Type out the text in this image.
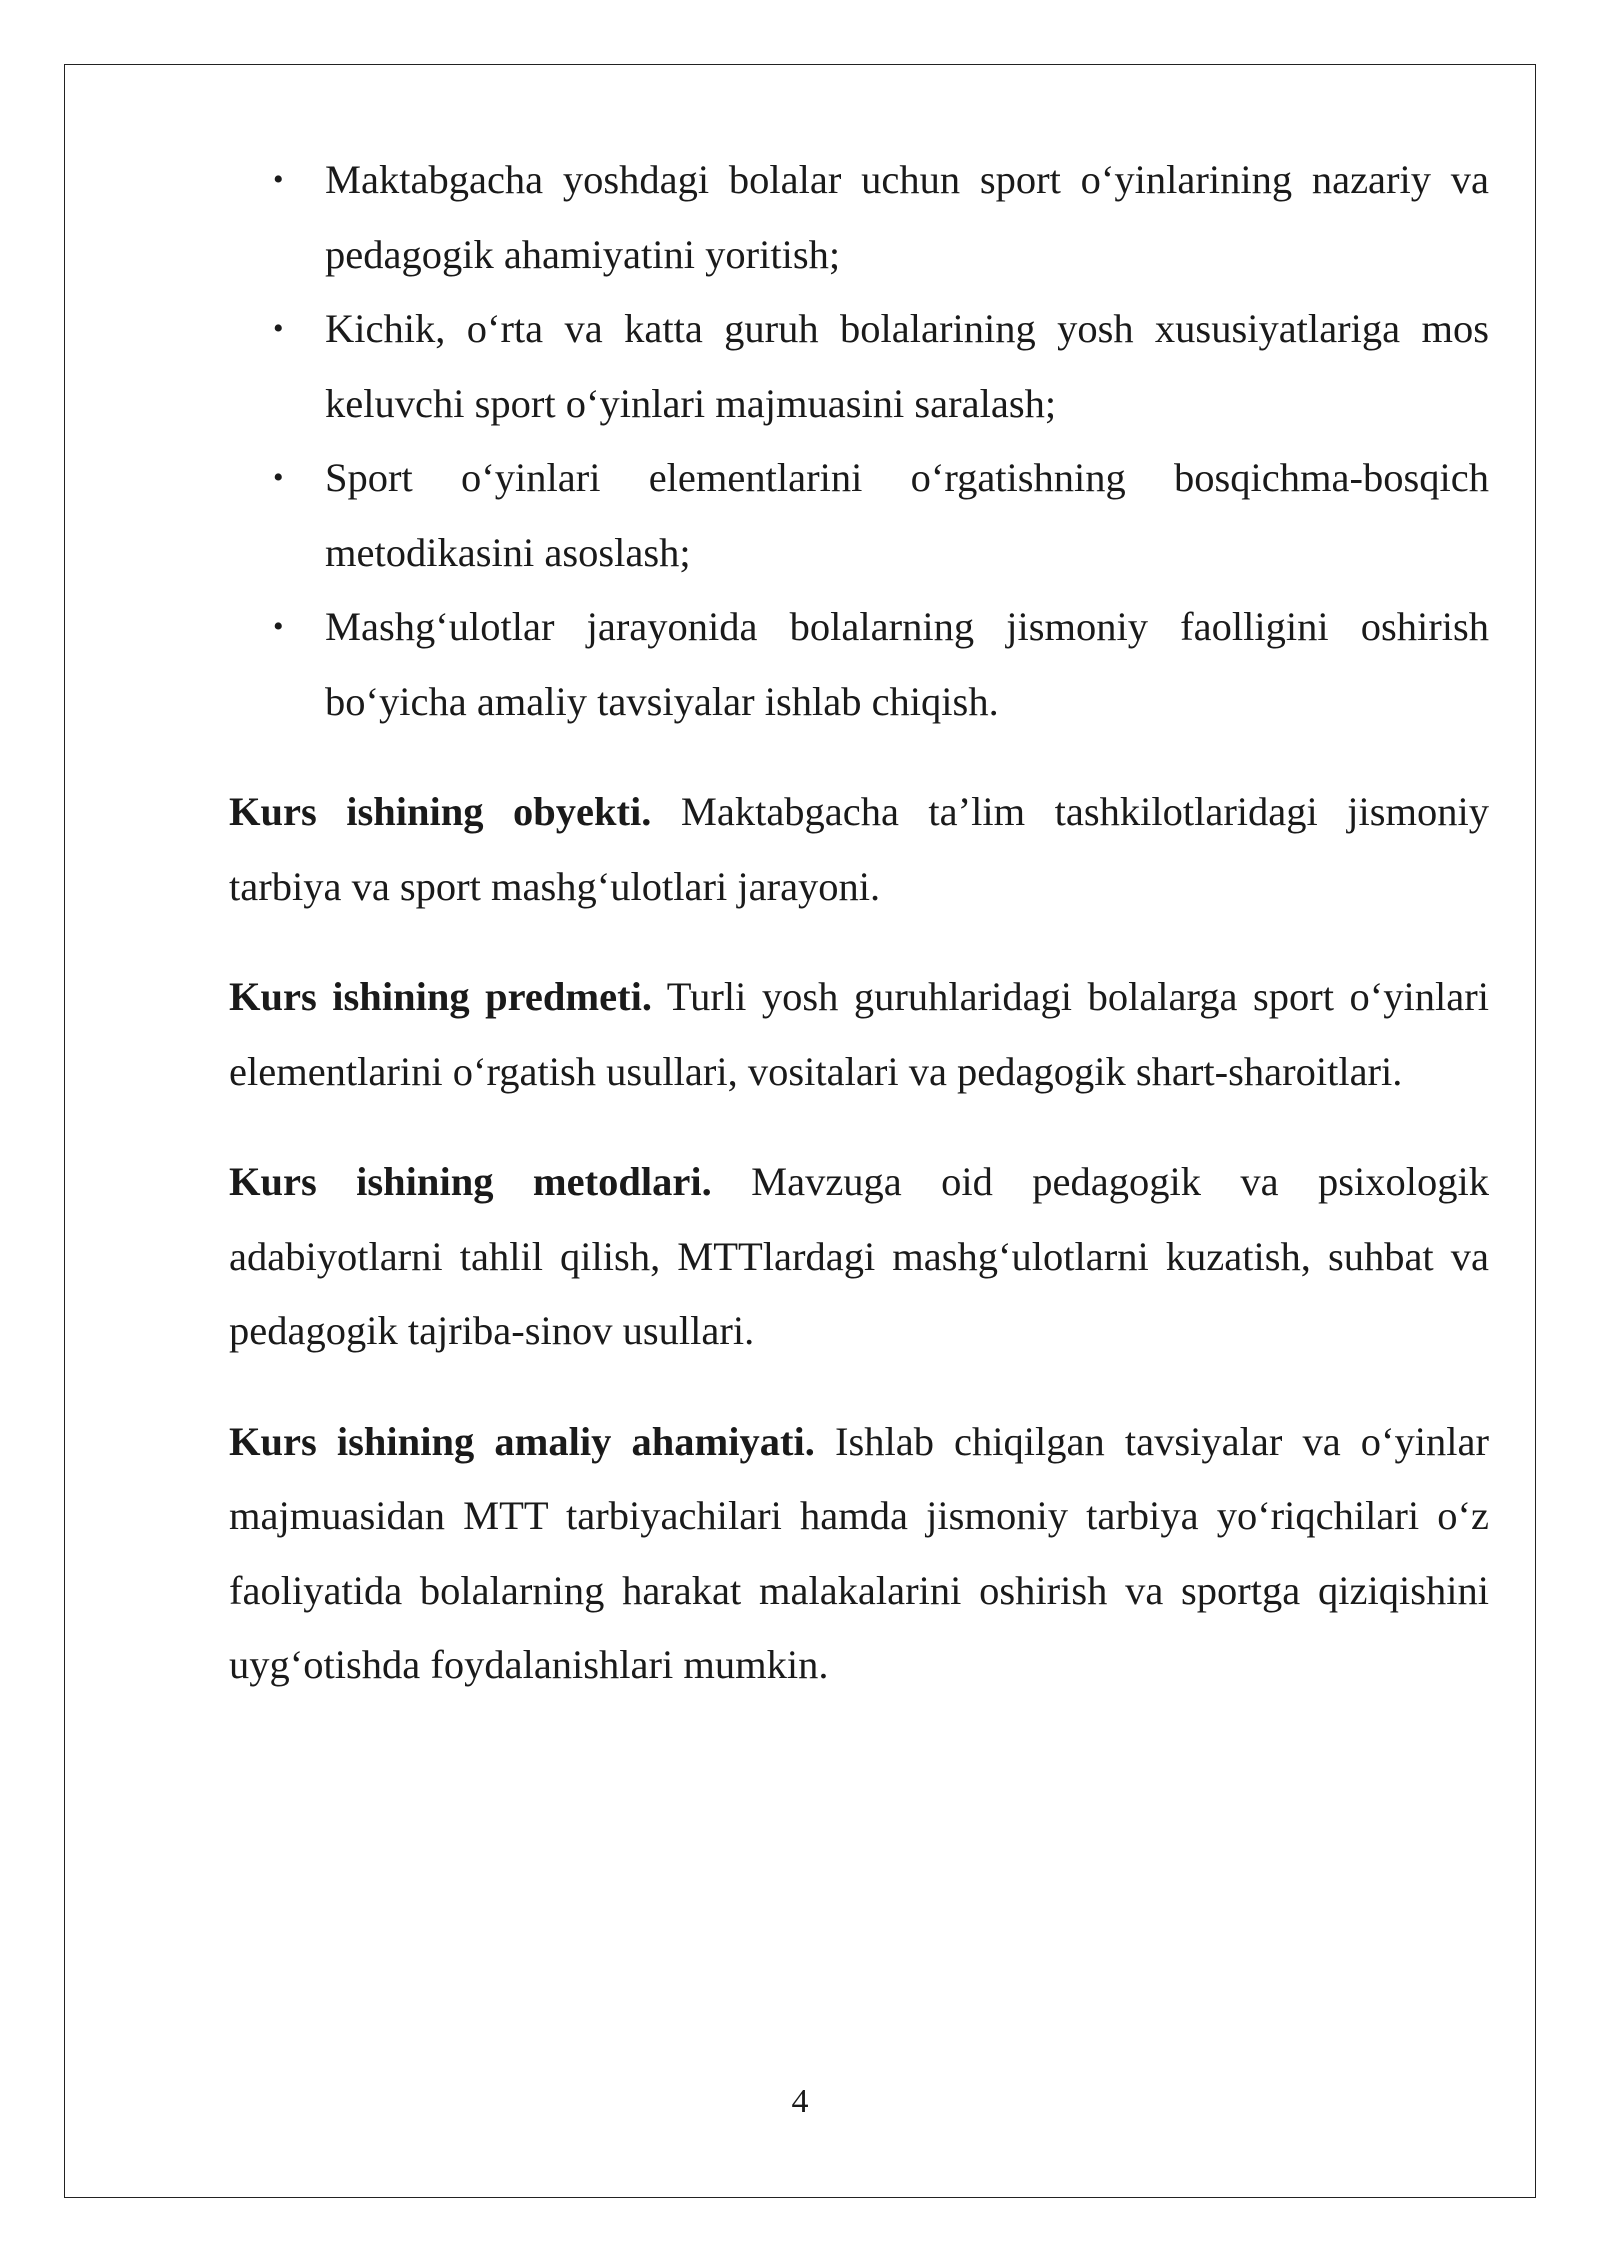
• Maktabgacha yoshdagi bolalar uchun sport o‘yinlarining nazariy va pedagogik ahamiyatini yoritish;
• Kichik, o‘rta va katta guruh bolalarining yosh xususiyatlariga mos keluvchi sport o‘yinlari majmuasini saralash;
• Sport o‘yinlari elementlarini o‘rgatishning bosqichma-bosqich metodikasini asoslash;
• Mashg‘ulotlar jarayonida bolalarning jismoniy faolligini oshirish bo‘yicha amaliy tavsiyalar ishlab chiqish.

Kurs ishining obyekti. Maktabgacha ta’lim tashkilotlaridagi jismoniy tarbiya va sport mashg‘ulotlari jarayoni.

Kurs ishining predmeti. Turli yosh guruhlaridagi bolalarga sport o‘yinlari elementlarini o‘rgatish usullari, vositalari va pedagogik shart-sharoitlari.

Kurs ishining metodlari. Mavzuga oid pedagogik va psixologik adabiyotlarni tahlil qilish, MTTlardagi mashg‘ulotlarni kuzatish, suhbat va pedagogik tajriba-sinov usullari.

Kurs ishining amaliy ahamiyati. Ishlab chiqilgan tavsiyalar va o‘yinlar majmuasidan MTT tarbiyachilari hamda jismoniy tarbiya yo‘riqchilari o‘z faoliyatida bolalarning harakat malakalarini oshirish va sportga qiziqishini uyg‘otishda foydalanishlari mumkin.

4
